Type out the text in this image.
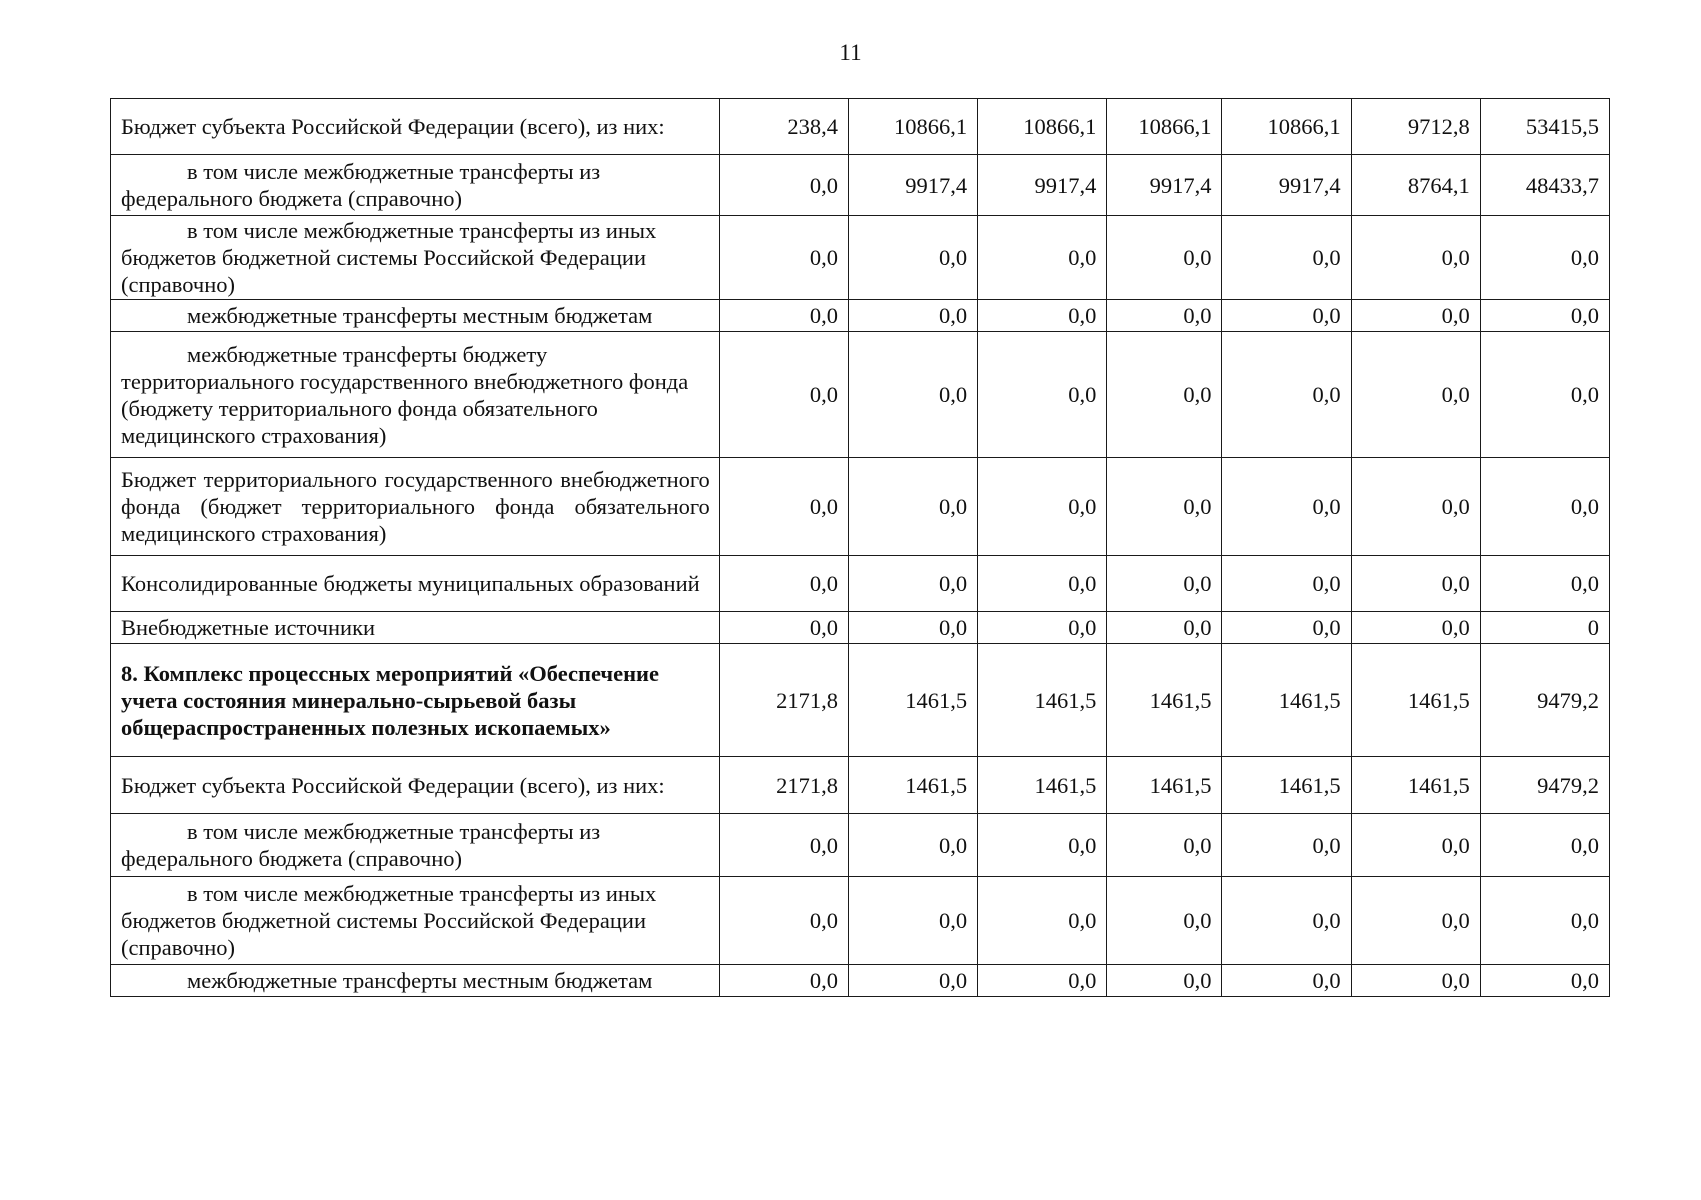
11
Бюджет субъекта Российской Федерации (всего), из них:	238,4	10866,1	10866,1	10866,1	10866,1	9712,8	53415,5
в том числе межбюджетные трансферты из федерального бюджета (справочно)	0,0	9917,4	9917,4	9917,4	9917,4	8764,1	48433,7
в том числе межбюджетные трансферты из иных бюджетов бюджетной системы Российской Федерации (справочно)	0,0	0,0	0,0	0,0	0,0	0,0	0,0
межбюджетные трансферты местным бюджетам	0,0	0,0	0,0	0,0	0,0	0,0	0,0
межбюджетные трансферты бюджету территориального государственного внебюджетного фонда (бюджету территориального фонда обязательного медицинского страхования)	0,0	0,0	0,0	0,0	0,0	0,0	0,0
Бюджет территориального государственного внебюджетного фонда (бюджет территориального фонда обязательного медицинского страхования)	0,0	0,0	0,0	0,0	0,0	0,0	0,0
Консолидированные бюджеты муниципальных образований	0,0	0,0	0,0	0,0	0,0	0,0	0,0
Внебюджетные источники	0,0	0,0	0,0	0,0	0,0	0,0	0
8. Комплекс процессных мероприятий «Обеспечение учета состояния минерально-сырьевой базы общераспространенных полезных ископаемых»	2171,8	1461,5	1461,5	1461,5	1461,5	1461,5	9479,2
Бюджет субъекта Российской Федерации (всего), из них:	2171,8	1461,5	1461,5	1461,5	1461,5	1461,5	9479,2
в том числе межбюджетные трансферты из федерального бюджета (справочно)	0,0	0,0	0,0	0,0	0,0	0,0	0,0
в том числе межбюджетные трансферты из иных бюджетов бюджетной системы Российской Федерации (справочно)	0,0	0,0	0,0	0,0	0,0	0,0	0,0
межбюджетные трансферты местным бюджетам	0,0	0,0	0,0	0,0	0,0	0,0	0,0
